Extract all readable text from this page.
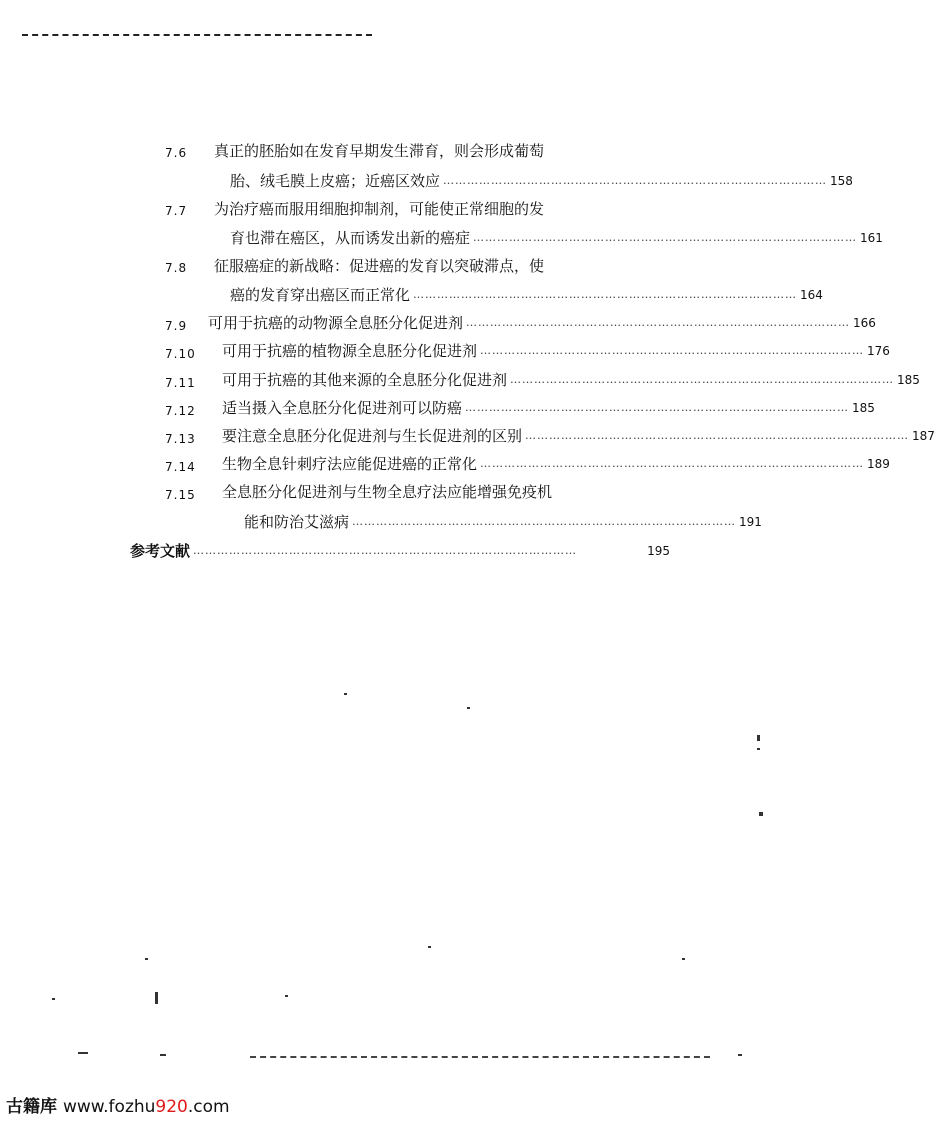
7.6 真正的胚胎如在发育早期发生滞育，则会形成葡萄
胎、绒毛膜上皮癌；近癌区效应 …………………………………………………………………………………… 158
7.7 为治疗癌而服用细胞抑制剂，可能使正常细胞的发
育也滞在癌区，从而诱发出新的癌症 …………………………………………………………………………………… 161
7.8 征服癌症的新战略：促进癌的发育以突破滞点，使
癌的发育穿出癌区而正常化 …………………………………………………………………………………… 164
7.9 可用于抗癌的动物源全息胚分化促进剂 …………………………………………………………………………………… 166
7.10 可用于抗癌的植物源全息胚分化促进剂 …………………………………………………………………………………… 176
7.11 可用于抗癌的其他来源的全息胚分化促进剂 …………………………………………………………………………………… 185
7.12 适当摄入全息胚分化促进剂可以防癌 …………………………………………………………………………………… 185
7.13 要注意全息胚分化促进剂与生长促进剂的区别 …………………………………………………………………………………… 187
7.14 生物全息针刺疗法应能促进癌的正常化 …………………………………………………………………………………… 189
7.15 全息胚分化促进剂与生物全息疗法应能增强免疫机
能和防治艾滋病 …………………………………………………………………………………… 191
参考文献 ……………………………………………………………………………………	195
古籍库 www.fozhu920.com
